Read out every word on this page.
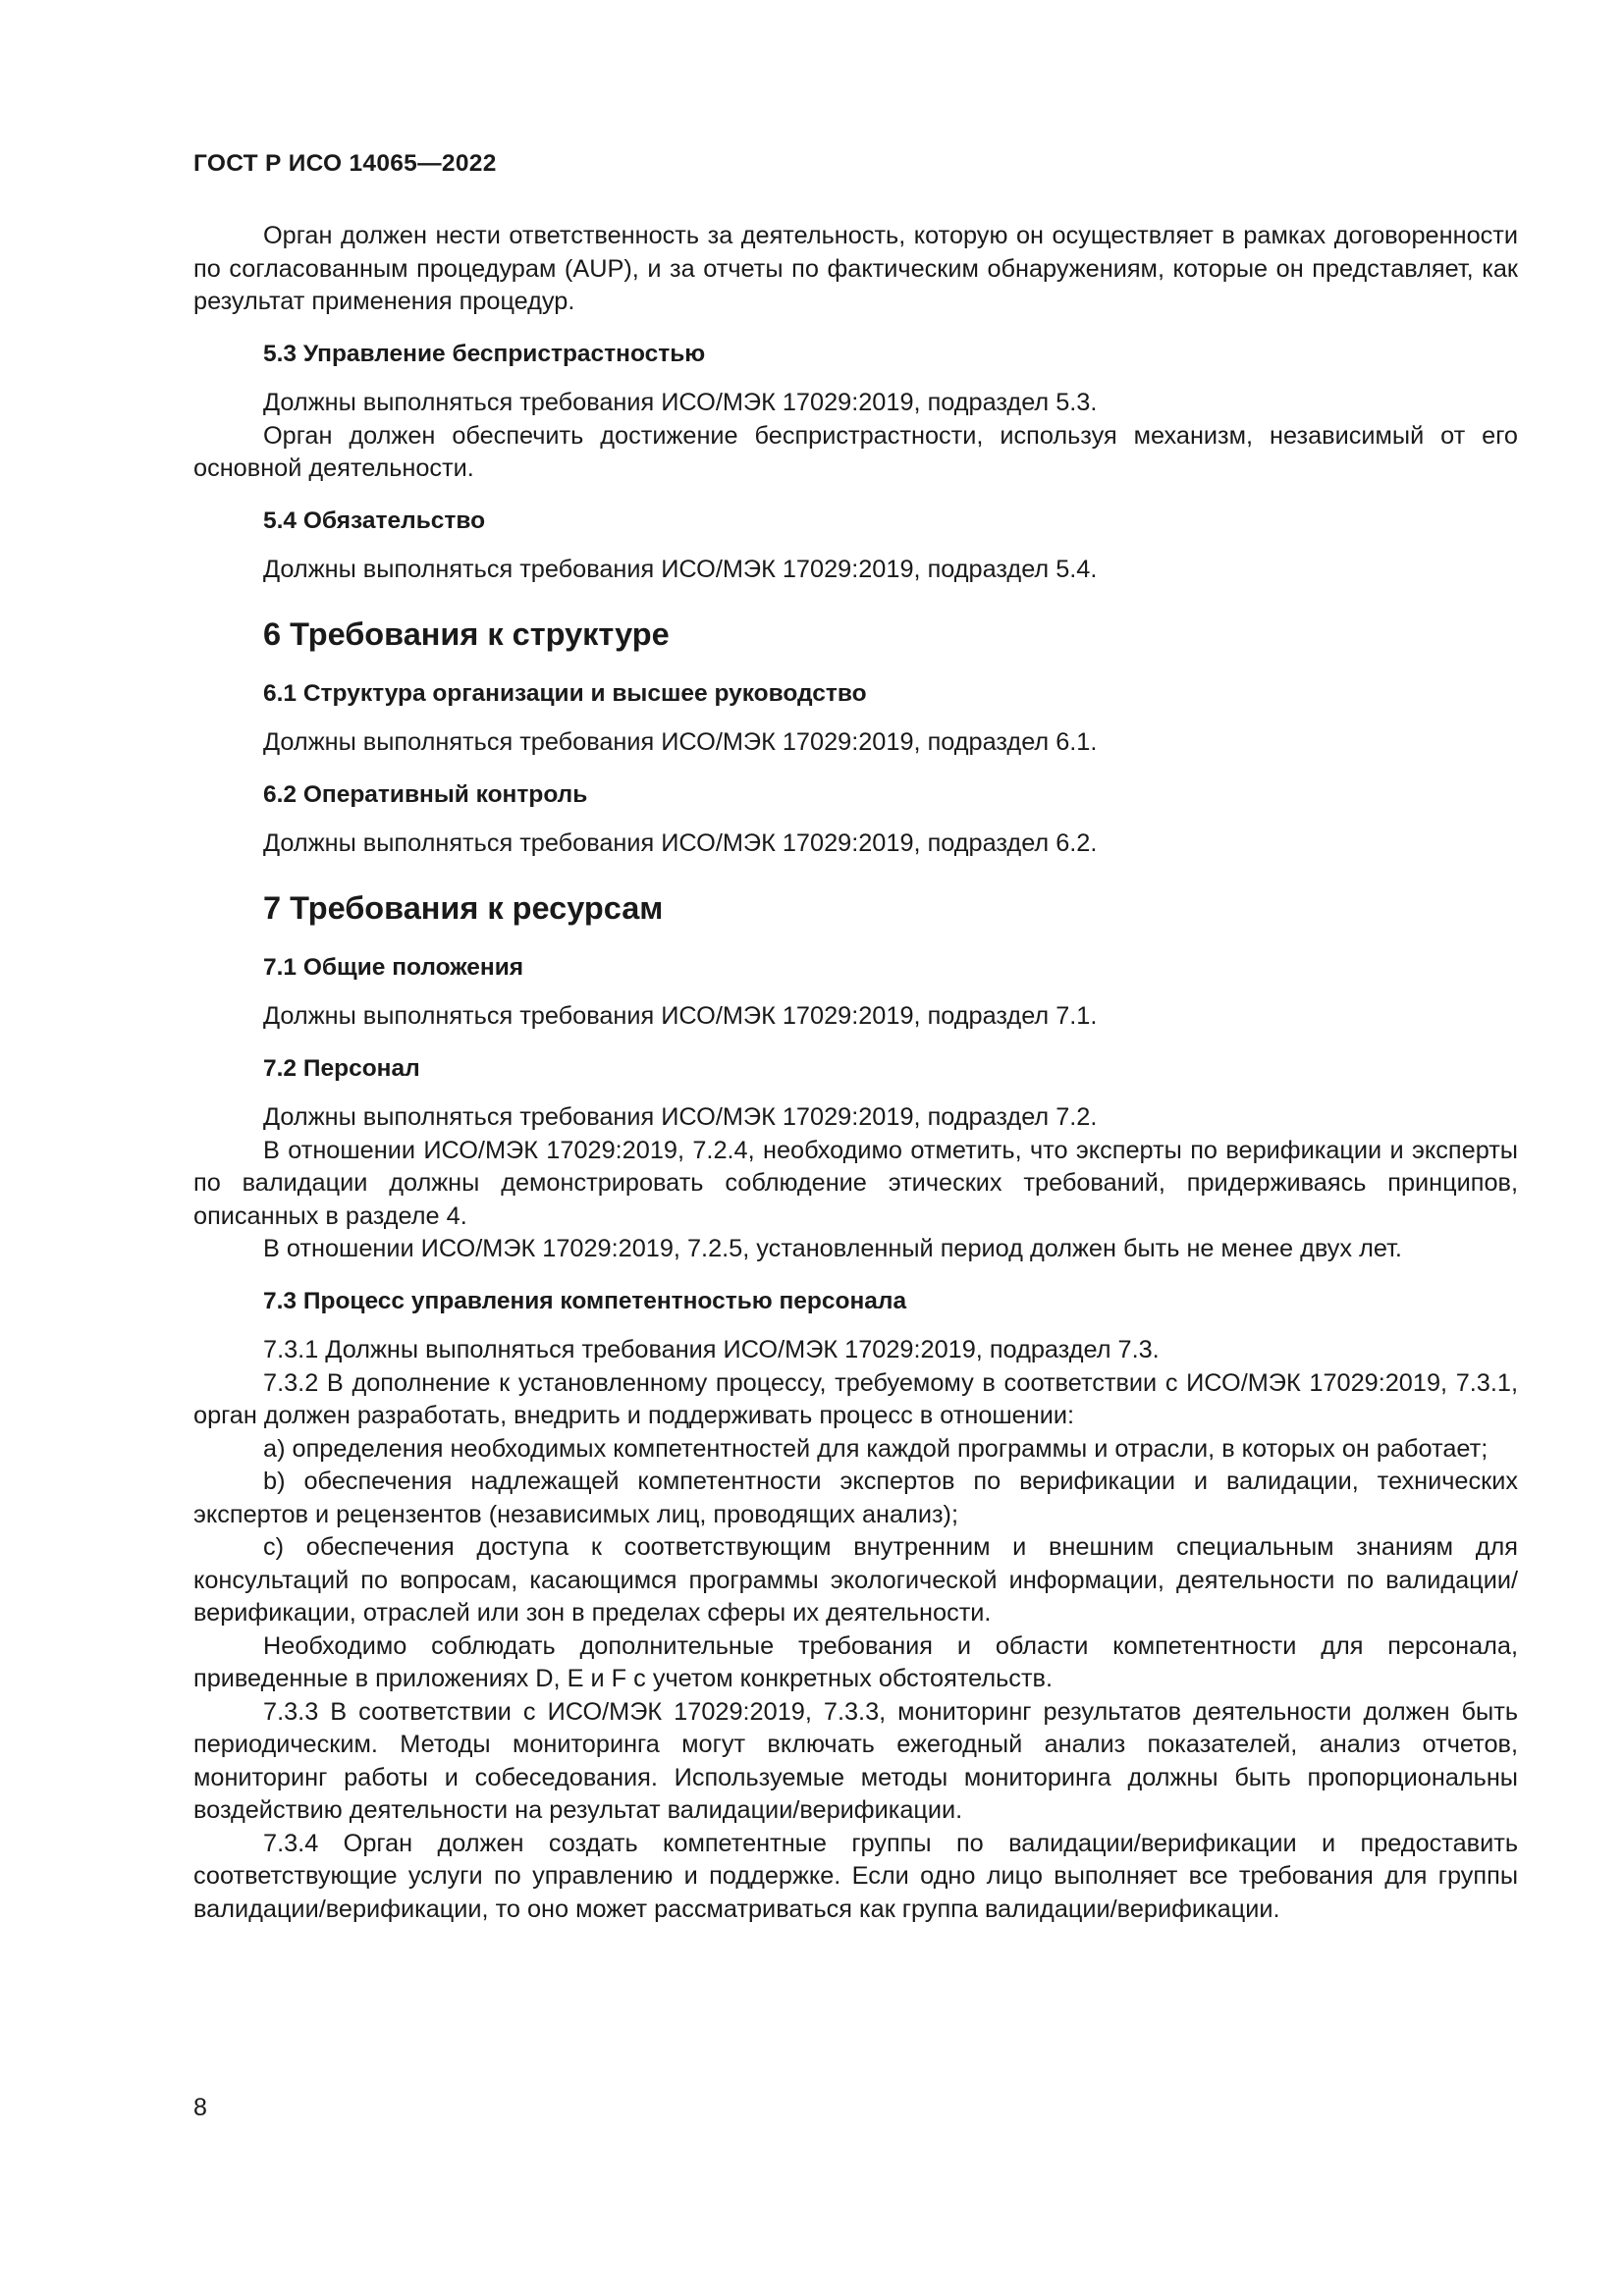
ГОСТ Р ИСО 14065—2022

Орган должен нести ответственность за деятельность, которую он осуществляет в рамках договоренности по согласованным процедурам (AUP), и за отчеты по фактическим обнаружениям, которые он представляет, как результат применения процедур.

5.3 Управление беспристрастностью

Должны выполняться требования ИСО/МЭК 17029:2019, подраздел 5.3.

Орган должен обеспечить достижение беспристрастности, используя механизм, независимый от его основной деятельности.

5.4 Обязательство

Должны выполняться требования ИСО/МЭК 17029:2019, подраздел 5.4.

6 Требования к структуре
6.1 Структура организации и высшее руководство

Должны выполняться требования ИСО/МЭК 17029:2019, подраздел 6.1.

6.2 Оперативный контроль

Должны выполняться требования ИСО/МЭК 17029:2019, подраздел 6.2.

7 Требования к ресурсам
7.1 Общие положения

Должны выполняться требования ИСО/МЭК 17029:2019, подраздел 7.1.

7.2 Персонал

Должны выполняться требования ИСО/МЭК 17029:2019, подраздел 7.2.

В отношении ИСО/МЭК 17029:2019, 7.2.4, необходимо отметить, что эксперты по верификации и эксперты по валидации должны демонстрировать соблюдение этических требований, придерживаясь принципов, описанных в разделе 4.

В отношении ИСО/МЭК 17029:2019, 7.2.5, установленный период должен быть не менее двух лет.

7.3 Процесс управления компетентностью персонала

7.3.1 Должны выполняться требования ИСО/МЭК 17029:2019, подраздел 7.3.

7.3.2 В дополнение к установленному процессу, требуемому в соответствии с ИСО/МЭК 17029:2019, 7.3.1, орган должен разработать, внедрить и поддерживать процесс в отношении:

a) определения необходимых компетентностей для каждой программы и отрасли, в которых он работает;

b) обеспечения надлежащей компетентности экспертов по верификации и валидации, технических экспертов и рецензентов (независимых лиц, проводящих анализ);

c) обеспечения доступа к соответствующим внутренним и внешним специальным знаниям для консультаций по вопросам, касающимся программы экологической информации, деятельности по валидации/верификации, отраслей или зон в пределах сферы их деятельности.

Необходимо соблюдать дополнительные требования и области компетентности для персонала, приведенные в приложениях D, E и F с учетом конкретных обстоятельств.

7.3.3 В соответствии с ИСО/МЭК 17029:2019, 7.3.3, мониторинг результатов деятельности должен быть периодическим. Методы мониторинга могут включать ежегодный анализ показателей, анализ отчетов, мониторинг работы и собеседования. Используемые методы мониторинга должны быть пропорциональны воздействию деятельности на результат валидации/верификации.

7.3.4 Орган должен создать компетентные группы по валидации/верификации и предоставить соответствующие услуги по управлению и поддержке. Если одно лицо выполняет все требования для группы валидации/верификации, то оно может рассматриваться как группа валидации/верификации.

8
